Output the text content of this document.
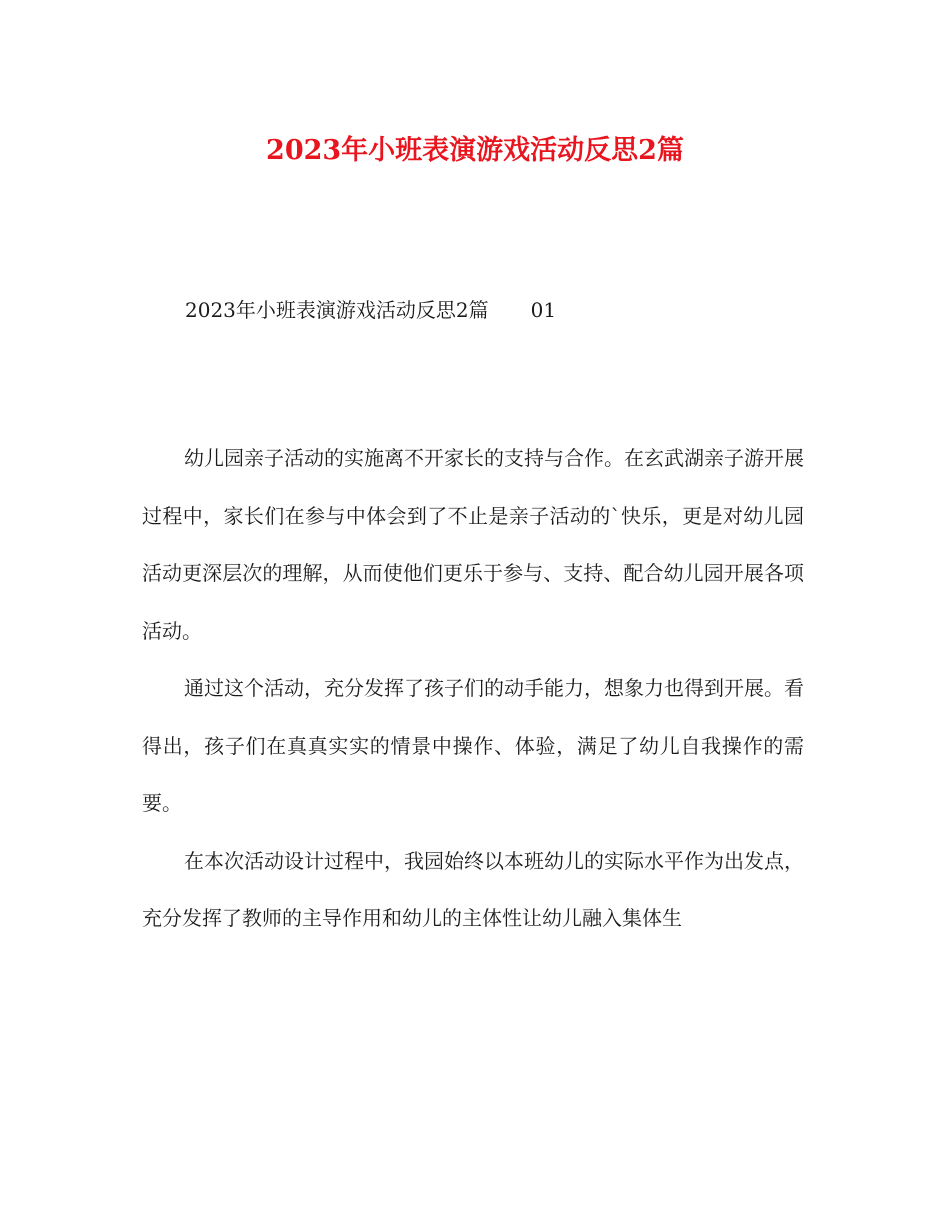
2023年小班表演游戏活动反思2篇

2023年小班表演游戏活动反思2篇 01

幼儿园亲子活动的实施离不开家长的支持与合作。在玄武湖亲子游开展过程中，家长们在参与中体会到了不止是亲子活动的`快乐，更是对幼儿园活动更深层次的理解，从而使他们更乐于参与、支持、配合幼儿园开展各项活动。

通过这个活动，充分发挥了孩子们的动手能力，想象力也得到开展。看得出，孩子们在真真实实的情景中操作、体验，满足了幼儿自我操作的需要。

在本次活动设计过程中，我园始终以本班幼儿的实际水平作为出发点，充分发挥了教师的主导作用和幼儿的主体性让幼儿融入集体生
